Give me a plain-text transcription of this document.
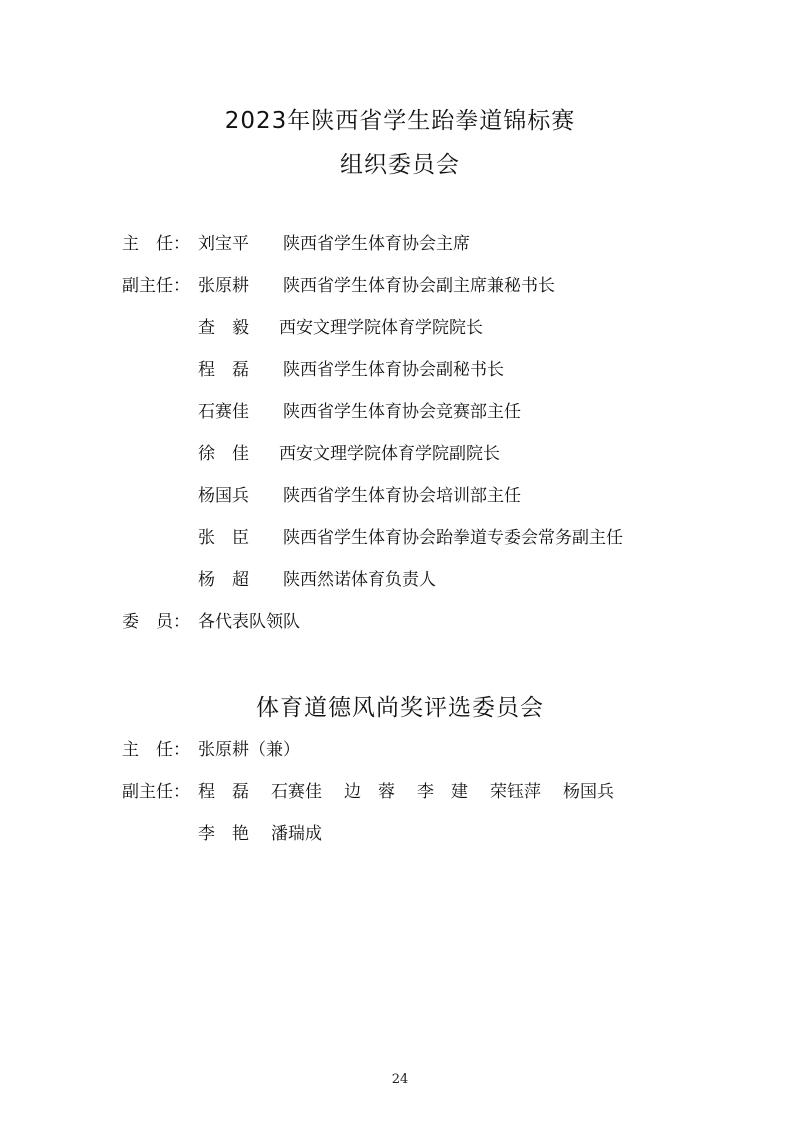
2023年陕西省学生跆拳道锦标赛
组织委员会
主　任： 刘宝平	陕西省学生体育协会主席
副主任： 张原耕	陕西省学生体育协会副主席兼秘书长
查　毅	西安文理学院体育学院院长
程　磊	陕西省学生体育协会副秘书长
石赛佳	陕西省学生体育协会竞赛部主任
徐　佳	西安文理学院体育学院副院长
杨国兵	陕西省学生体育协会培训部主任
张　臣	陕西省学生体育协会跆拳道专委会常务副主任
杨　超	陕西然诺体育负责人
委　员： 各代表队领队
体育道德风尚奖评选委员会
主　任： 张原耕（兼）
副主任： 程　磊 石赛佳 边　蓉 李　建 荣钰萍 杨国兵
李　艳 潘瑞成
24
